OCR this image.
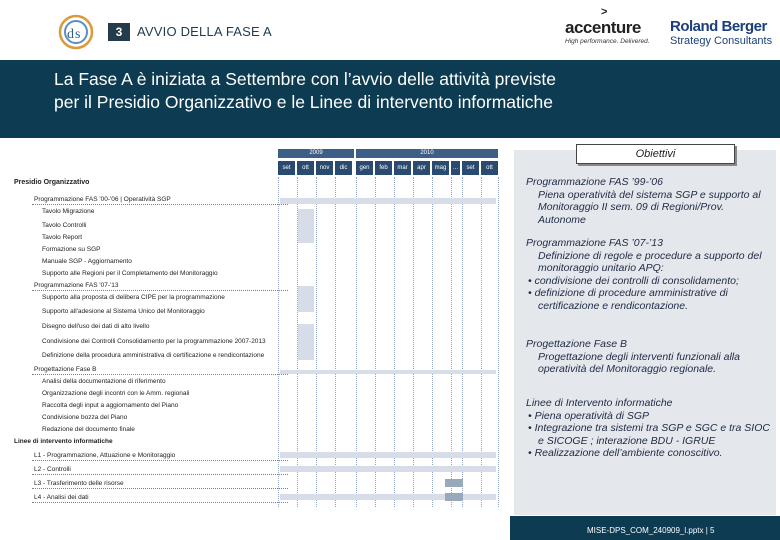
d s	3	AVVIO DELLA FASE A
>
accenture
High performance. Delivered.
Roland Berger
Strategy Consultants
La Fase A è iniziata a Settembre con l’avvio delle attività previste
per il Presidio Organizzativo e le Linee di intervento informatiche
2009	2010
set	ott	nov	dic	gen	feb	mar	apr	mag	...	set	ott
Presidio Organizzativo
Programmazione FAS '00-'06 | Operatività SGP
Tavolo Migrazione
Tavolo Controlli
Tavolo Report
Formazione su SGP
Manuale SGP - Aggiornamento
Supporto alle Regioni per il Completamento del Monitoraggio
Programmazione FAS '07-'13
Supporto alla proposta di delibera CIPE per la programmazione
Supporto all'adesione al Sistema Unico del Monitoraggio
Disegno dell'uso dei dati di alto livello
Condivisione dei Controlli Consolidamento per la programmazione 2007-2013
Definizione della procedura amministrativa di certificazione e rendicontazione
Progettazione Fase B
Analisi della documentazione di riferimento
Organizzazione degli incontri con le Amm. regionali
Raccolta degli input a aggiornamento del Piano
Condivisione bozza del Piano
Redazione del documento finale
Linee di intervento informatiche
L1 - Programmazione, Attuazione e Monitoraggio
L2 - Controlli
L3 - Trasferimento delle risorse
L4 - Analisi dei dati
Obiettivi
Programmazione FAS ’99-’06
Piena operatività del sistema SGP e supporto al Monitoraggio II sem. 09 di Regioni/Prov. Autonome
Programmazione FAS ’07-’13
Definizione di regole e procedure a supporto del monitoraggio unitario APQ:
• condivisione dei controlli di consolidamento;
• definizione di procedure amministrative di certificazione e rendicontazione.
Progettazione Fase B
Progettazione degli interventi funzionali alla operatività del Monitoraggio regionale.
Linee di Intervento informatiche
• Piena operatività di SGP
• Integrazione tra sistemi tra SGP e SGC e tra SIOC e SICOGE ; interazione BDU - IGRUE
• Realizzazione dell’ambiente conoscitivo.
MISE-DPS_COM_240909_l.pptx | 5
